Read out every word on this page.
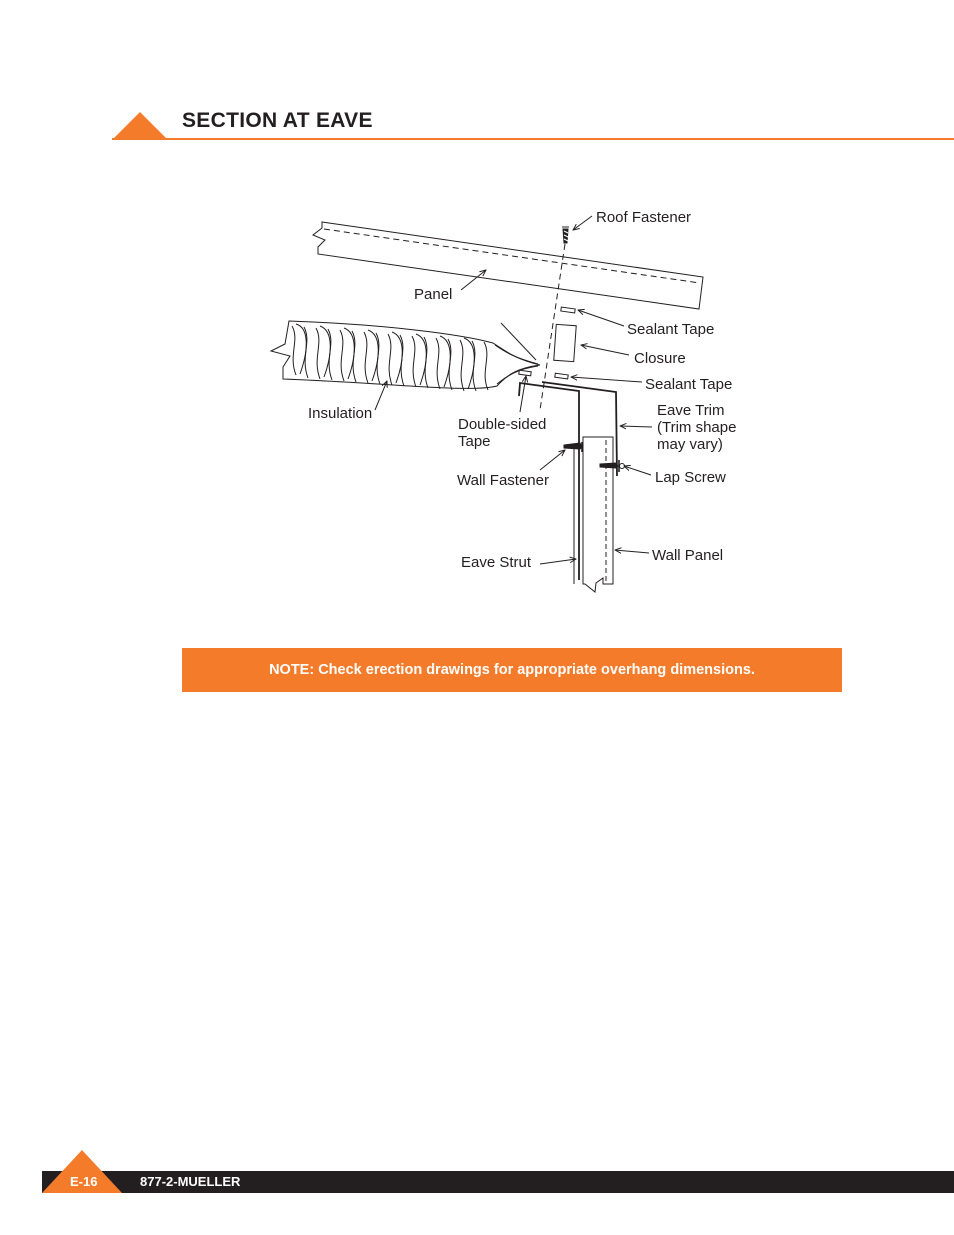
SECTION AT EAVE
Roof Fastener
Panel
Sealant Tape
Closure
Sealant Tape
Insulation
Double-sided
Tape
Eave Trim
(Trim shape
may vary)
Lap Screw
Wall Fastener
Eave Strut	Wall Panel
NOTE: Check erection drawings for appropriate overhang dimensions.
E-16	877-2-MUELLER
